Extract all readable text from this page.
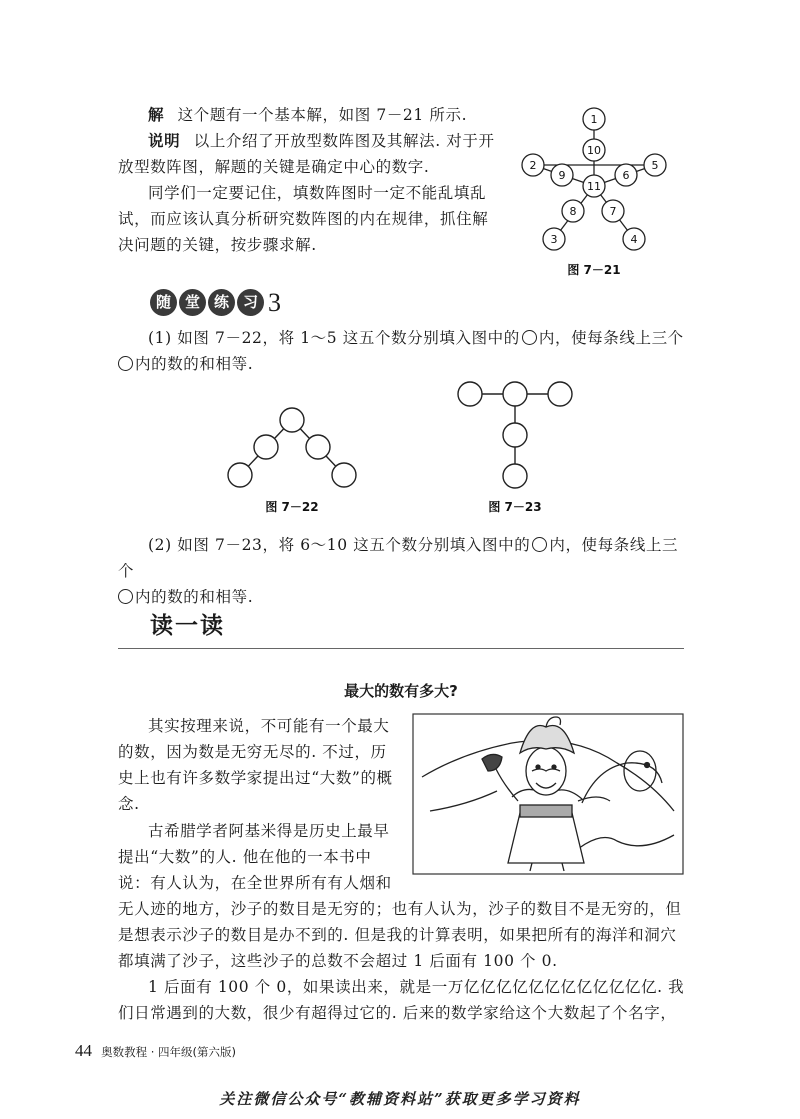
解 这个题有一个基本解，如图 7－21 所示.
说明 以上介绍了开放型数阵图及其解法. 对于开放型数阵图，解题的关键是确定中心的数字.
同学们一定要记住，填数阵图时一定不能乱填乱试，而应该认真分析研究数阵图的内在规律，抓住解决问题的关键，按步骤求解.
1
10
11
2
9	6
5
8	7
3	4
图 7－21
随 堂 练 习 3
(1) 如图 7－22，将 1～5 这五个数分别填入图中的 内，使每条线上三个
内的数的和相等.
图 7－22	图 7－23
(2) 如图 7－23，将 6～10 这五个数分别填入图中的 内，使每条线上三个
内的数的和相等.
读一读
最大的数有多大?
其实按理来说，不可能有一个最大的数，因为数是无穷无尽的. 不过，历史上也有许多数学家提出过“大数”的概念.
古希腊学者阿基米得是历史上最早提出“大数”的人. 他在他的一本书中说：有人认为，在全世界所有有人烟和
无人迹的地方，沙子的数目是无穷的；也有人认为，沙子的数目不是无穷的，但是想表示沙子的数目是办不到的. 但是我的计算表明，如果把所有的海洋和洞穴都填满了沙子，这些沙子的总数不会超过 1 后面有 100 个 0.
1 后面有 100 个 0，如果读出来，就是一万亿亿亿亿亿亿亿亿亿亿亿亿. 我们日常遇到的大数，很少有超得过它的. 后来的数学家给这个大数起了个名字，
44 奥数教程 · 四年级(第六版)
关注微信公众号“教辅资料站”获取更多学习资料
